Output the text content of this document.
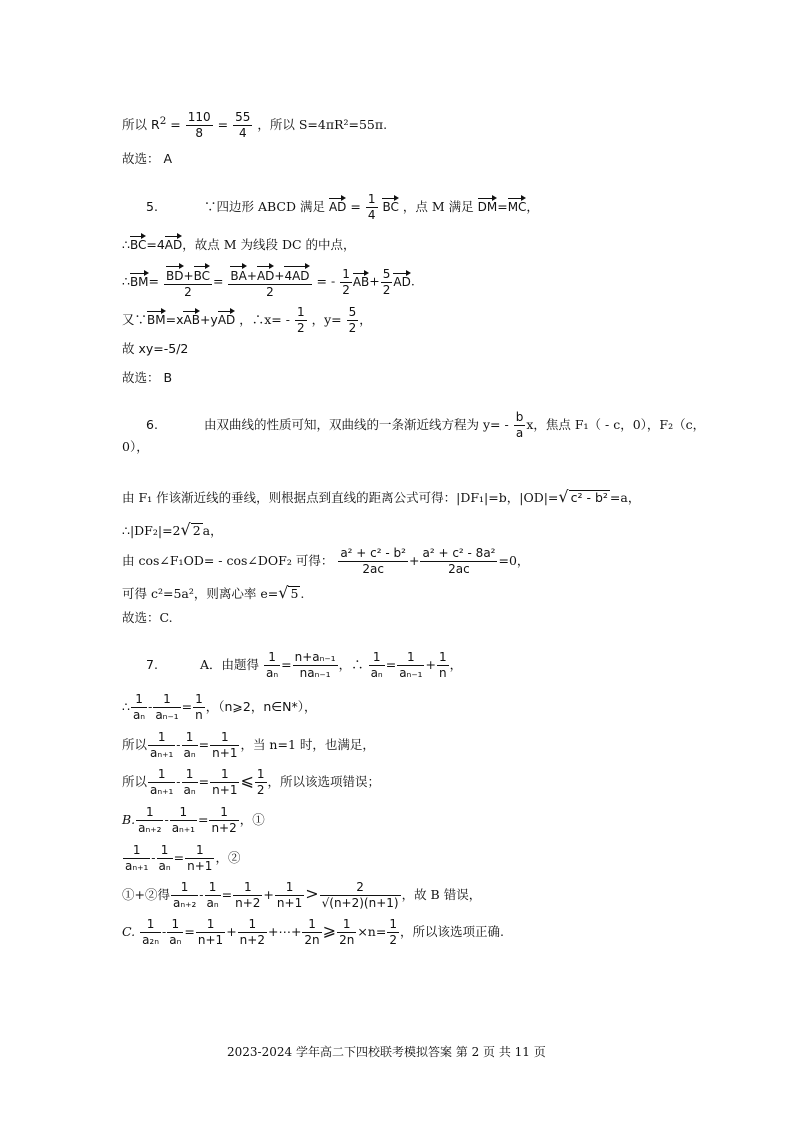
所以 $R^2 = \frac{110}{8} = \frac{55}{4}$ ，所以 S=4πR²=55π.
故选： A
5.	∵四边形 ABCD 满足 AD = $\frac{1}{4}$ BC ，点 M 满足 DM=MC，
∴BC=4AD，故点 M 为线段 DC 的中点，
∴BM= $\frac{BD+BC}{2} = \frac{BA+AD+4AD}{2}$ = - $\frac{1}{2} AB+ \frac{5}{2}$ AD.
又∵BM=xAB+yAD ，∴x= - $\frac{1}{2}$ ，$y= \frac{5}{2}$ ，
故 xy=-5/2
故选： B
6.	由双曲线的性质可知，双曲线的一条渐近线方程为 $y= - \frac{b}{a}$ x，焦点 F₁（ - c，0），F₂（c，
0），
由 F₁ 作该渐近线的垂线，则根据点到直线的距离公式可得：|DF₁|=b，|OD|=√ c² - b² =a，
∴|DF₂|=2√ 2 a，
由 cos∠F₁OD= - cos∠DOF₂ 可得： $\frac{\text{a² + c² - b²}}{2ac} + \frac{\text{a² + c² - 8a²}}{2ac} =0$，
可得 c²=5a²，则离心率 e=√ 5 .
故选：C.
7.	A．由题得 $\frac{1}{\text{aₙ}} = n+a_{n-1}$
naₙ₋₁
，∴ $\frac{1}{\text{aₙ}} = \frac{1}{\text{aₙ₋₁}} + \frac{1}{n}$ ，
∴ $\frac{1}{\text{aₙ}} - \frac{1}{\text{aₙ₋₁}} = \frac{1}{n}$ ，（n⩾2，n∈N*），
所以 $\frac{1}{\text{aₙ₊₁}} - \frac{1}{\text{aₙ}} = \frac{1}{n+1}$ ，当 n=1 时，也满足，
所以 $\frac{1}{\text{aₙ₊₁}} - \frac{1}{\text{aₙ}} = \frac{1}{n+1}$ ⩽ $\frac{1}{2}$ ，所以该选项错误；
B. $\frac{1}{\text{aₙ₊₂}} - \frac{1}{\text{aₙ₊₁}} = \frac{1}{n+2}$ ，①
$\frac{1}{\text{aₙ₊₁}} - \frac{1}{\text{aₙ}} = \frac{1}{n+1}$ ，②
①+②得 $\frac{1}{\text{aₙ₊₂}} - \frac{1}{\text{aₙ}} = \frac{1}{n+2} + \frac{1}{n+1} > \frac{2}{√(n+2)(n+1)}$ ，故 B 错误，
C. $\frac{1}{\text{a₂ₙ}} - \frac{1}{\text{aₙ}} = \frac{1}{n+1} + \frac{1}{n+2}$ +⋯+ $\frac{1}{2n}$ ⩾ $\frac{1}{2n} \times n= \frac{1}{2}$ ，所以该选项正确.
2023-2024 学年高二下四校联考模拟答案 第 2 页 共 11 页
